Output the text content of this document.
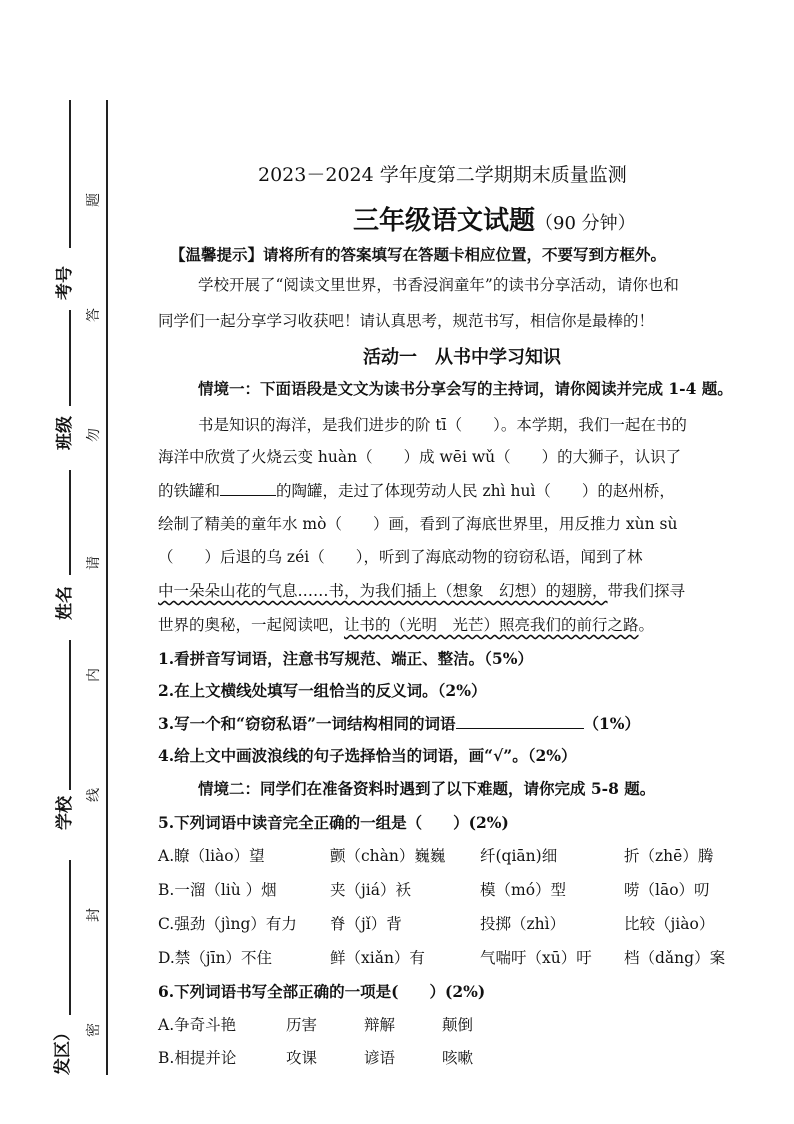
考号
班级
姓名
学校
发区）
题
答
勿
请
内
线
封
密
2023－2024 学年度第二学期期末质量监测
三年级语文试题（90 分钟）
【温馨提示】请将所有的答案填写在答题卡相应位置，不要写到方框外。
学校开展了“阅读文里世界，书香浸润童年”的读书分享活动，请你也和
同学们一起分享学习收获吧！请认真思考，规范书写，相信你是最棒的！
活动一　从书中学习知识
情境一：下面语段是文文为读书分享会写的主持词，请你阅读并完成 1-4 题。
书是知识的海洋，是我们进步的阶 tī（　　）。本学期，我们一起在书的
海洋中欣赏了火烧云变 huàn（　　）成 wēi wǔ（　　）的大狮子，认识了
的铁罐和	的陶罐，走过了体现劳动人民 zhì huì（　　）的赵州桥，
绘制了精美的童年水 mò（　　）画，看到了海底世界里，用反推力 xùn sù
（　　）后退的乌 zéi（　　），听到了海底动物的窃窃私语，闻到了林
中一朵朵山花的气息……书，为我们插上（想象　幻想）的翅膀，带我们探寻
世界的奥秘，一起阅读吧，让书的（光明　光芒）照亮我们的前行之路。
1.看拼音写词语，注意书写规范、端正、整洁。（5%）
2.在上文横线处填写一组恰当的反义词。（2%）
3.写一个和“窃窃私语”一词结构相同的词语	（1%）
4.给上文中画波浪线的句子选择恰当的词语，画“√”。（2%）
情境二：同学们在准备资料时遇到了以下难题，请你完成 5-8 题。
5.下列词语中读音完全正确的一组是（　　）(2%)
A.瞭（liào）望	颤（chàn）巍巍 纤(qiān)细	折（zhē）腾
B.一溜（liù ）烟	夹（jiá）袄	模（mó）型	唠（lāo）叨
C.强劲（jìng）有力 脊（jǐ）背	投掷（zhì）	比较（jiào）
D.禁（jīn）不住	鲜（xiǎn）有	气喘吁（xū）吁 档（dǎng）案
6.下列词语书写全部正确的一项是(　　）(2%)
A.争奇斗艳	历害	辩解	颠倒
B.相提并论	攻课	谚语	咳嗽
